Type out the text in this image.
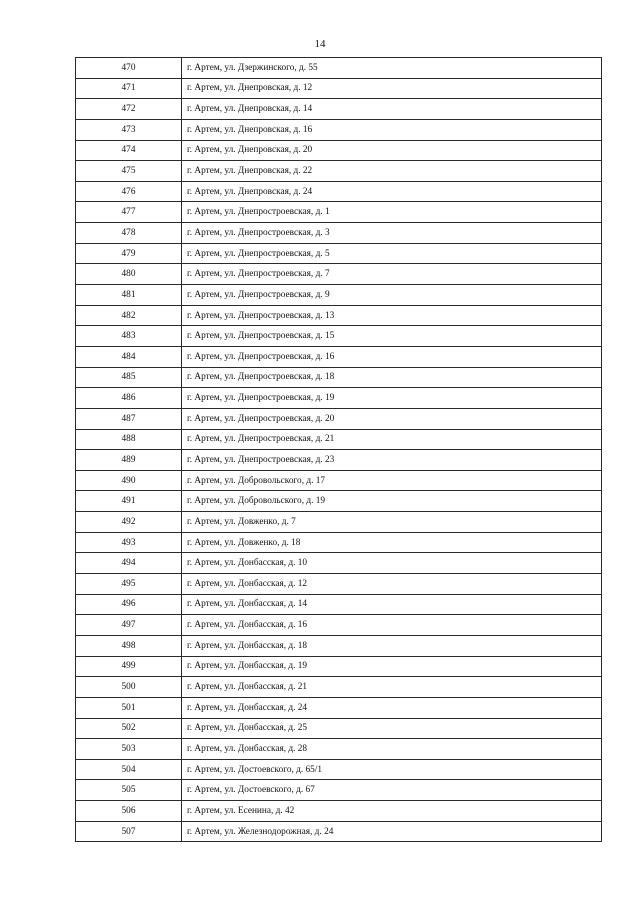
14
470	г. Артем, ул. Дзержинского, д. 55
471	г. Артем, ул. Днепровская, д. 12
472	г. Артем, ул. Днепровская, д. 14
473	г. Артем, ул. Днепровская, д. 16
474	г. Артем, ул. Днепровская, д. 20
475	г. Артем, ул. Днепровская, д. 22
476	г. Артем, ул. Днепровская, д. 24
477	г. Артем, ул. Днепростроевская, д. 1
478	г. Артем, ул. Днепростроевская, д. 3
479	г. Артем, ул. Днепростроевская, д. 5
480	г. Артем, ул. Днепростроевская, д. 7
481	г. Артем, ул. Днепростроевская, д. 9
482	г. Артем, ул. Днепростроевская, д. 13
483	г. Артем, ул. Днепростроевская, д. 15
484	г. Артем, ул. Днепростроевская, д. 16
485	г. Артем, ул. Днепростроевская, д. 18
486	г. Артем, ул. Днепростроевская, д. 19
487	г. Артем, ул. Днепростроевская, д. 20
488	г. Артем, ул. Днепростроевская, д. 21
489	г. Артем, ул. Днепростроевская, д. 23
490	г. Артем, ул. Добровольского, д. 17
491	г. Артем, ул. Добровольского, д. 19
492	г. Артем, ул. Довженко, д. 7
493	г. Артем, ул. Довженко, д. 18
494	г. Артем, ул. Донбасская, д. 10
495	г. Артем, ул. Донбасская, д. 12
496	г. Артем, ул. Донбасская, д. 14
497	г. Артем, ул. Донбасская, д. 16
498	г. Артем, ул. Донбасская, д. 18
499	г. Артем, ул. Донбасская, д. 19
500	г. Артем, ул. Донбасская, д. 21
501	г. Артем, ул. Донбасская, д. 24
502	г. Артем, ул. Донбасская, д. 25
503	г. Артем, ул. Донбасская, д. 28
504	г. Артем, ул. Достоевского, д. 65/1
505	г. Артем, ул. Достоевского, д. 67
506	г. Артем, ул. Есенина, д. 42
507	г. Артем, ул. Железнодорожная, д. 24
